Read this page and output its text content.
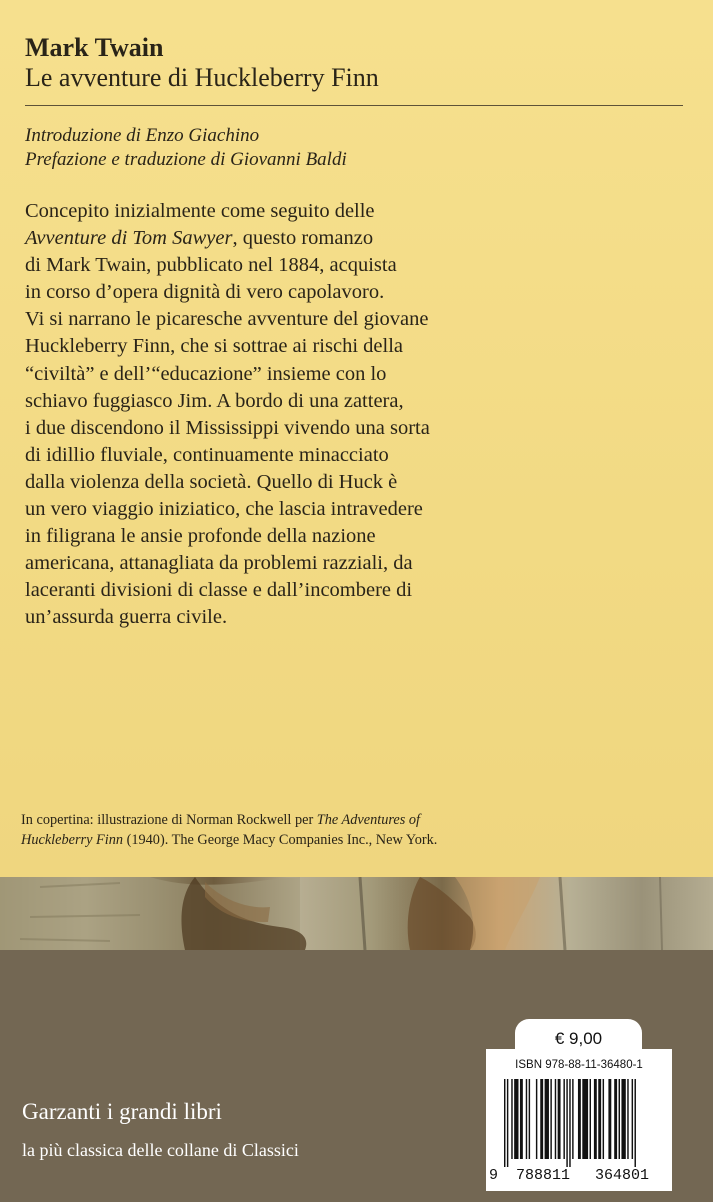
Mark Twain
Le avventure di Huckleberry Finn
Introduzione di Enzo Giachino
Prefazione e traduzione di Giovanni Baldi
Concepito inizialmente come seguito delle
Avventure di Tom Sawyer, questo romanzo
di Mark Twain, pubblicato nel 1884, acquista
in corso d’opera dignità di vero capolavoro.
Vi si narrano le picaresche avventure del giovane
Huckleberry Finn, che si sottrae ai rischi della
“civiltà” e dell’“educazione” insieme con lo
schiavo fuggiasco Jim. A bordo di una zattera,
i due discendono il Mississippi vivendo una sorta
di idillio fluviale, continuamente minacciato
dalla violenza della società. Quello di Huck è
un vero viaggio iniziatico, che lascia intravedere
in filigrana le ansie profonde della nazione
americana, attanagliata da problemi razziali, da
laceranti divisioni di classe e dall’incombere di
un’assurda guerra civile.
In copertina: illustrazione di Norman Rockwell per The Adventures of
Huckleberry Finn (1940). The George Macy Companies Inc., New York.
Garzanti i grandi libri
la più classica delle collane di Classici
€ 9,00
ISBN 978-88-11-36480-1
9 788811 364801
